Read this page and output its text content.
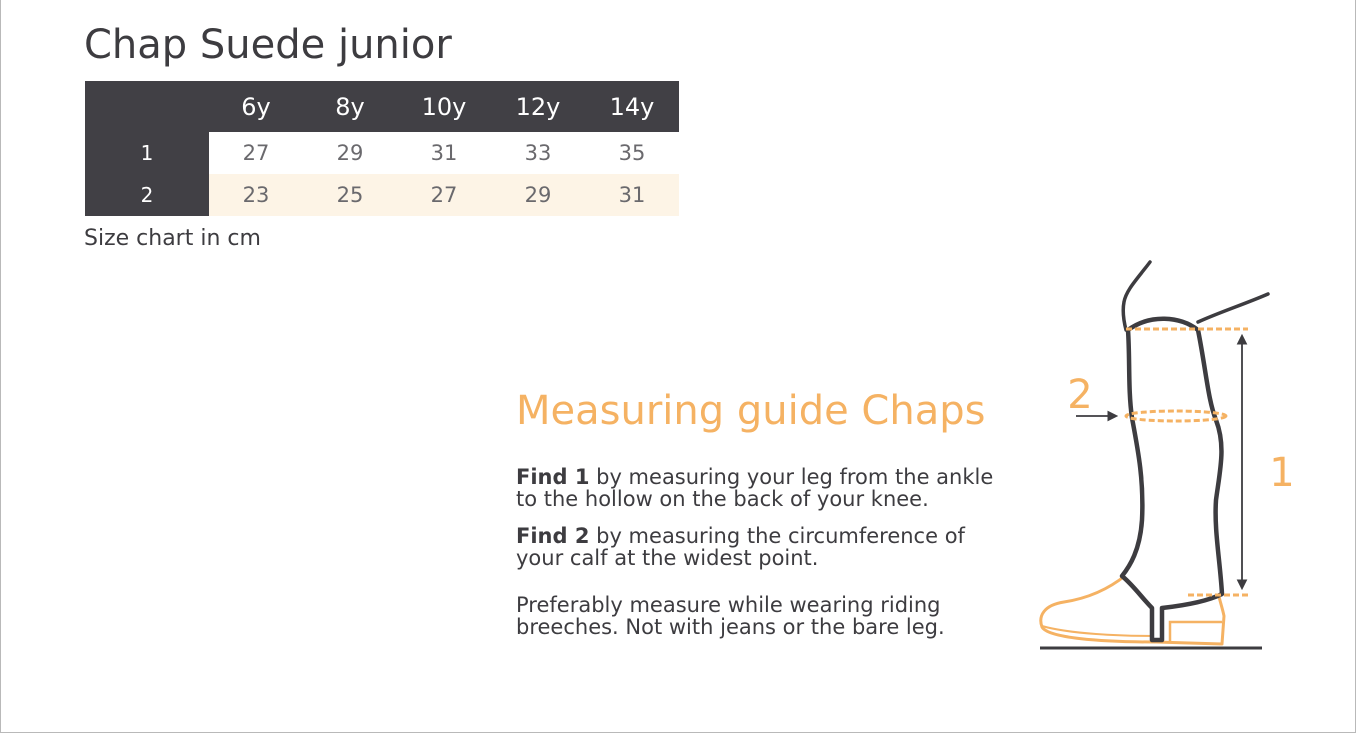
Chap Suede junior
	6y	8y	10y	12y	14y
1	27	29	31	33	35
2	23	25	27	29	31
Size chart in cm
Measuring guide Chaps

Find 1 by measuring your leg from the ankle to the hollow on the back of your knee.

Find 2 by measuring the circumference of your calf at the widest point.

Preferably measure while wearing riding breeches. Not with jeans or the bare leg.

2
1
